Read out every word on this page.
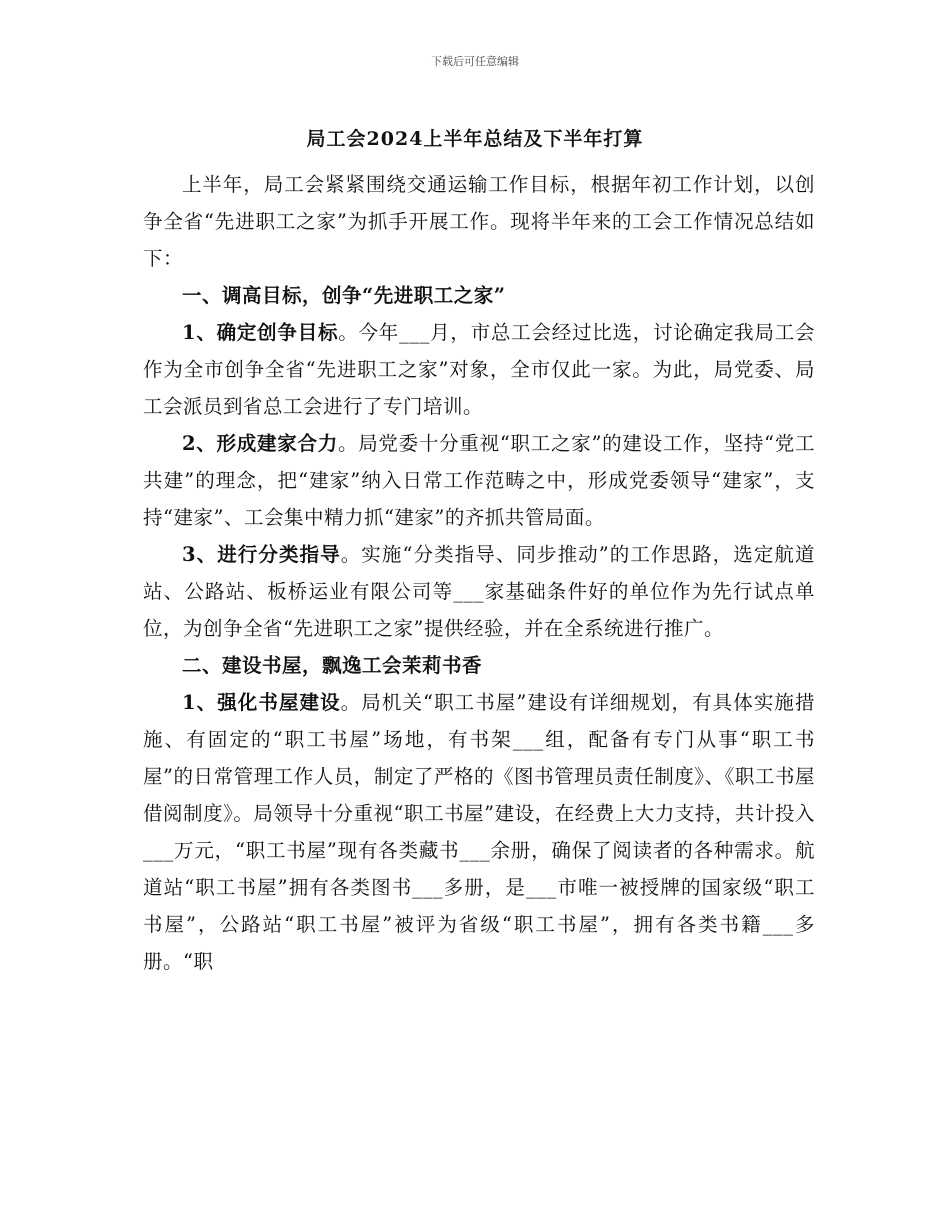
下载后可任意编辑
局工会2024上半年总结及下半年打算

上半年，局工会紧紧围绕交通运输工作目标，根据年初工作计划，以创争全省“先进职工之家”为抓手开展工作。现将半年来的工会工作情况总结如下：

一、调高目标，创争“先进职工之家”

1、确定创争目标。今年___月，市总工会经过比选，讨论确定我局工会作为全市创争全省“先进职工之家”对象，全市仅此一家。为此，局党委、局工会派员到省总工会进行了专门培训。

2、形成建家合力。局党委十分重视“职工之家”的建设工作，坚持“党工共建”的理念，把“建家”纳入日常工作范畴之中，形成党委领导“建家”，支持“建家”、工会集中精力抓“建家”的齐抓共管局面。

3、进行分类指导。实施“分类指导、同步推动”的工作思路，选定航道站、公路站、板桥运业有限公司等___家基础条件好的单位作为先行试点单位，为创争全省“先进职工之家”提供经验，并在全系统进行推广。

二、建设书屋，飘逸工会茉莉书香

1、强化书屋建设。局机关“职工书屋”建设有详细规划，有具体实施措施、有固定的“职工书屋”场地，有书架___组，配备有专门从事“职工书屋”的日常管理工作人员，制定了严格的《图书管理员责任制度》、《职工书屋借阅制度》。局领导十分重视“职工书屋”建设，在经费上大力支持，共计投入___万元，“职工书屋”现有各类藏书___余册，确保了阅读者的各种需求。航道站“职工书屋”拥有各类图书___多册，是___市唯一被授牌的国家级“职工书屋”，公路站“职工书屋”被评为省级“职工书屋”，拥有各类书籍___多册。“职
